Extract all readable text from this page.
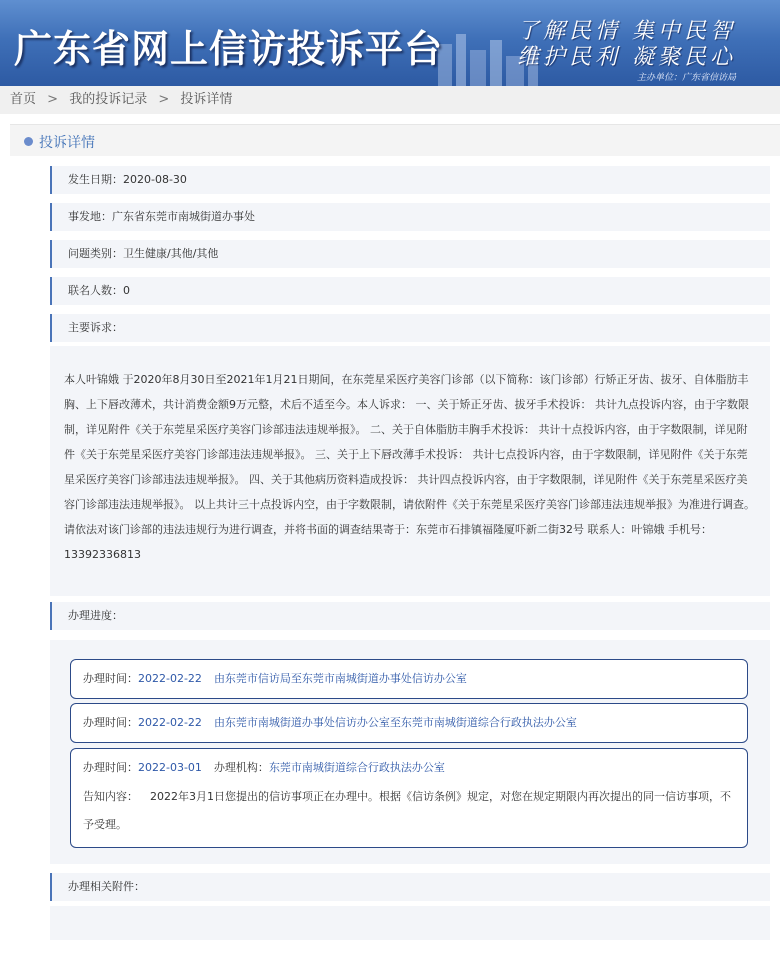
广东省网上信访投诉平台	了解民情 集中民智
维护民利 凝聚民心
主办单位：广东省信访局
首页 > 我的投诉记录 > 投诉详情
投诉详情
发生日期：2020-08-30
事发地：广东省东莞市南城街道办事处
问题类别：卫生健康/其他/其他
联名人数：0
主要诉求：
本人叶锦娥 于2020年8月30日至2021年1月21日期间，在东莞星采医疗美容门诊部（以下简称：该门诊部）行矫正牙齿、拔牙、自体脂肪丰胸、上下唇改薄术，共计消费金额9万元整，术后不适至今。本人诉求： 一、关于矫正牙齿、拔牙手术投诉： 共计九点投诉内容，由于字数限制，详见附件《关于东莞星采医疗美容门诊部违法违规举报》。 二、关于自体脂肪丰胸手术投诉： 共计十点投诉内容，由于字数限制，详见附件《关于东莞星采医疗美容门诊部违法违规举报》。 三、关于上下唇改薄手术投诉： 共计七点投诉内容，由于字数限制，详见附件《关于东莞星采医疗美容门诊部违法违规举报》。 四、关于其他病历资料造成投诉： 共计四点投诉内容，由于字数限制，详见附件《关于东莞星采医疗美容门诊部违法违规举报》。 以上共计三十点投诉内空，由于字数限制，请依附件《关于东莞星采医疗美容门诊部违法违规举报》为准进行调查。 请依法对该门诊部的违法违规行为进行调查，并将书面的调查结果寄于：东莞市石排镇福隆厦吓新二街32号 联系人：叶锦娥 手机号：13392336813
办理进度：
办理时间：2022-02-22 由东莞市信访局至东莞市南城街道办事处信访办公室
办理时间：2022-02-22 由东莞市南城街道办事处信访办公室至东莞市南城街道综合行政执法办公室
办理时间：2022-03-01 办理机构：东莞市南城街道综合行政执法办公室
告知内容： 2022年3月1日您提出的信访事项正在办理中。根据《信访条例》规定，对您在规定期限内再次提出的同一信访事项，不予受理。
办理相关附件：
